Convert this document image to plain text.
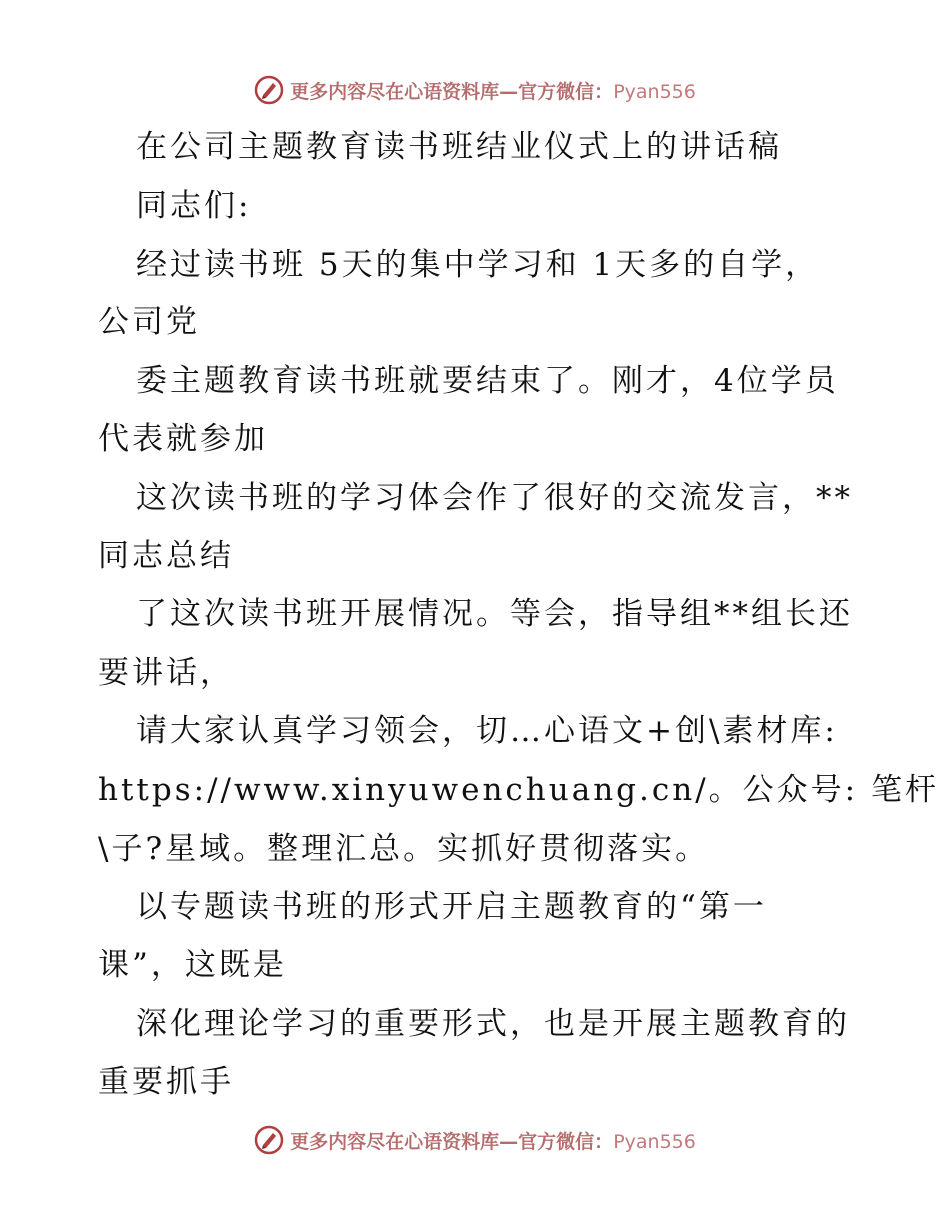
更多内容尽在心语资料库—官方微信：Pyan556
在公司主题教育读书班结业仪式上的讲话稿
同志们:
经过读书班 5天的集中学习和 1天多的自学，
公司党
委主题教育读书班就要结束了。刚才，4位学员
代表就参加
这次读书班的学习体会作了很好的交流发言，**
同志总结
了这次读书班开展情况。等会，指导组**组长还
要讲话，
请大家认真学习领会，切…心语文+创\素材库:
https://www.xinyuwenchuang.cn/。公众号: 笔杆
\子?星域。整理汇总。实抓好贯彻落实。
以专题读书班的形式开启主题教育的“第一
课”，这既是
深化理论学习的重要形式，也是开展主题教育的
重要抓手
更多内容尽在心语资料库—官方微信：Pyan556
